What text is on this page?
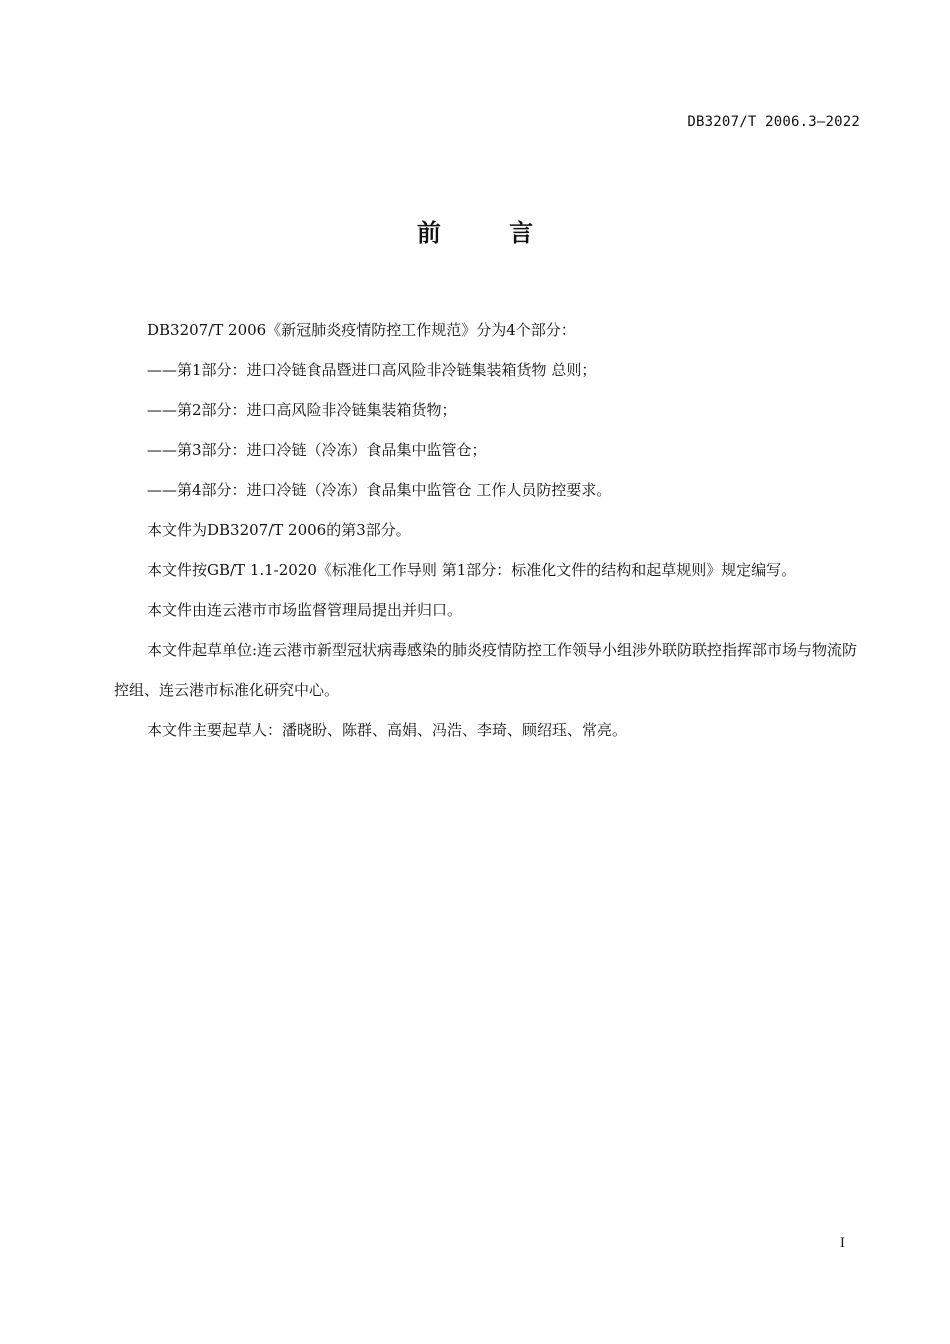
DB3207/T 2006.3—2022
前 言

DB3207/T 2006《新冠肺炎疫情防控工作规范》分为4个部分：

——第1部分：进口冷链食品暨进口高风险非冷链集装箱货物 总则；

——第2部分：进口高风险非冷链集装箱货物；

——第3部分：进口冷链（冷冻）食品集中监管仓；

——第4部分：进口冷链（冷冻）食品集中监管仓 工作人员防控要求。

本文件为DB3207/T 2006的第3部分。

本文件按GB/T 1.1-2020《标准化工作导则 第1部分：标准化文件的结构和起草规则》规定编写。

本文件由连云港市市场监督管理局提出并归口。

本文件起草单位:连云港市新型冠状病毒感染的肺炎疫情防控工作领导小组涉外联防联控指挥部市场与物流防控组、连云港市标准化研究中心。

本文件主要起草人：潘晓盼、陈群、高娟、冯浩、李琦、顾绍珏、常亮。

I
